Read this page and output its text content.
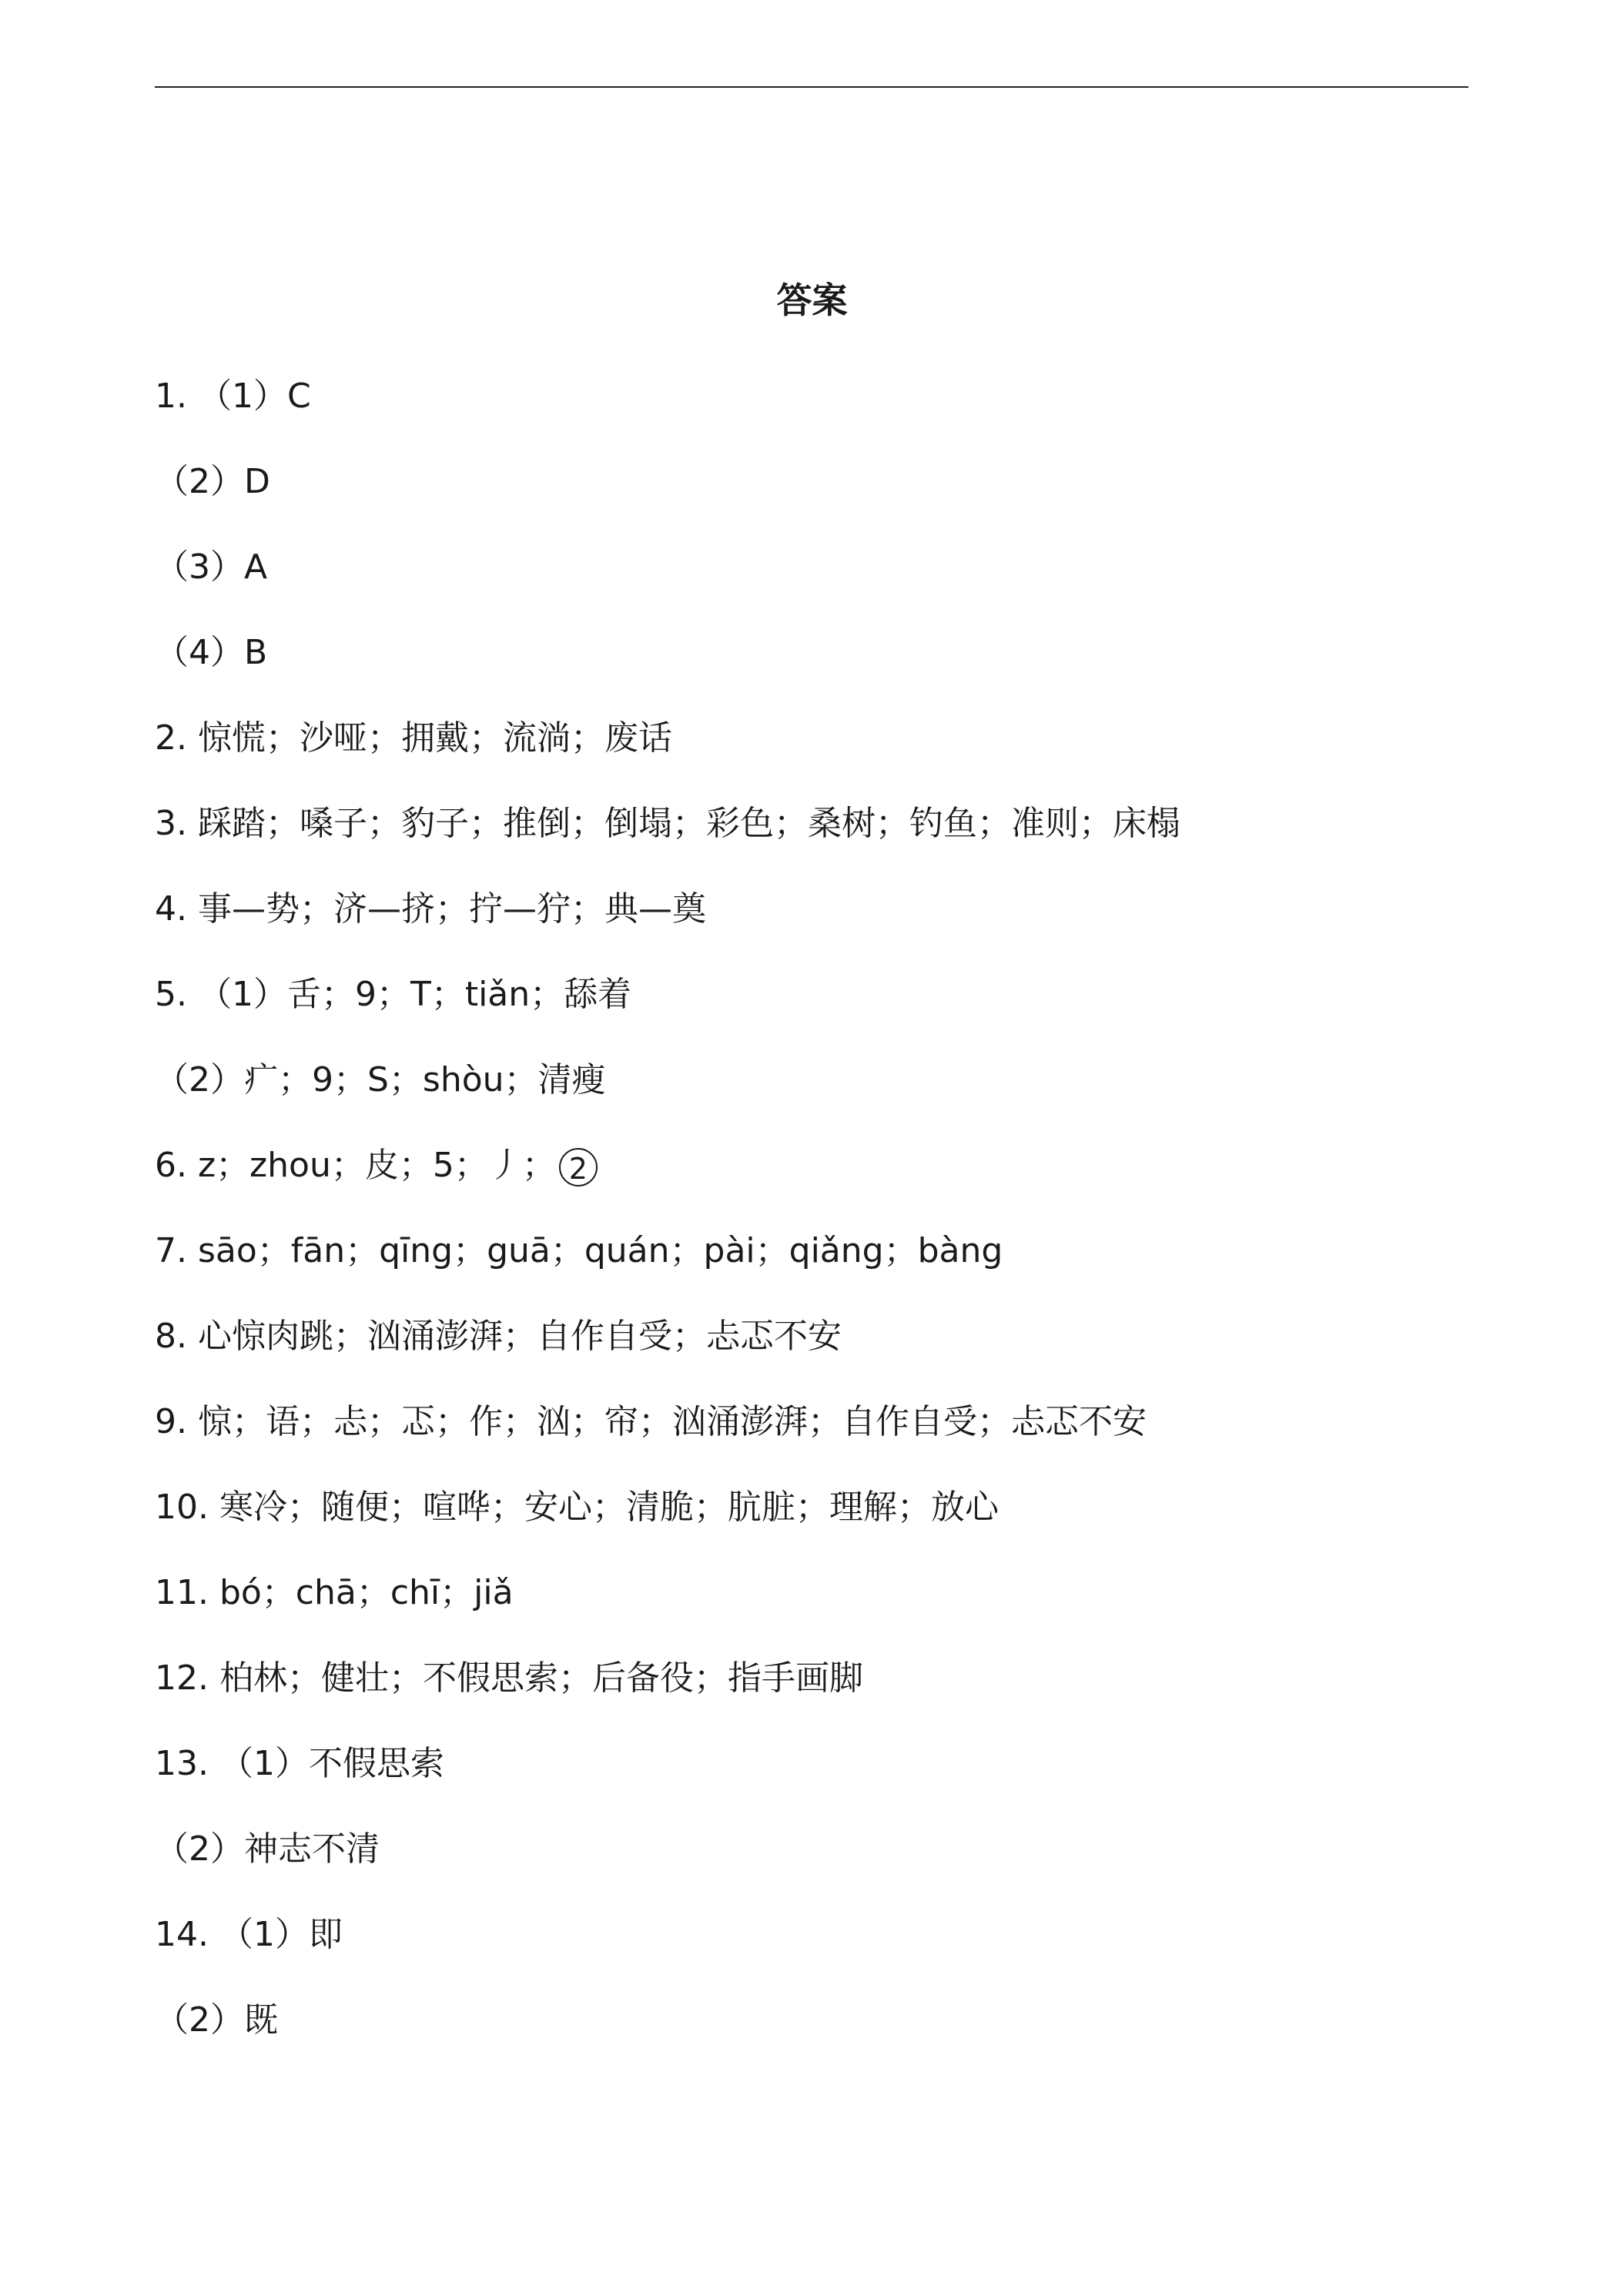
答案
1. （1）C
（2）D
（3）A
（4）B
2. 惊慌；沙哑；拥戴；流淌；废话
3. 踩踏；嗓子；豹子；推倒；倒塌；彩色；桑树；钓鱼；准则；床榻
4. 事—势；济—挤；拧—狞；典—奠
5. （1）舌；9；T；tiǎn；舔着
（2）疒；9；S；shòu；清瘦
6. z；zhou；皮；5；丿； 2
7. sāo；fān；qīng；guā；quán；pài；qiǎng；bàng
8. 心惊肉跳；汹涌澎湃；自作自受；忐忑不安
9. 惊；语；忐；忑；作；汹；帘；汹涌澎湃；自作自受；忐忑不安
10. 寒冷；随便；喧哗；安心；清脆；肮脏；理解；放心
11. bó；chā；chī；jiǎ
12. 柏林；健壮；不假思索；后备役；指手画脚
13. （1）不假思索
（2）神志不清
14. （1）即
（2）既
